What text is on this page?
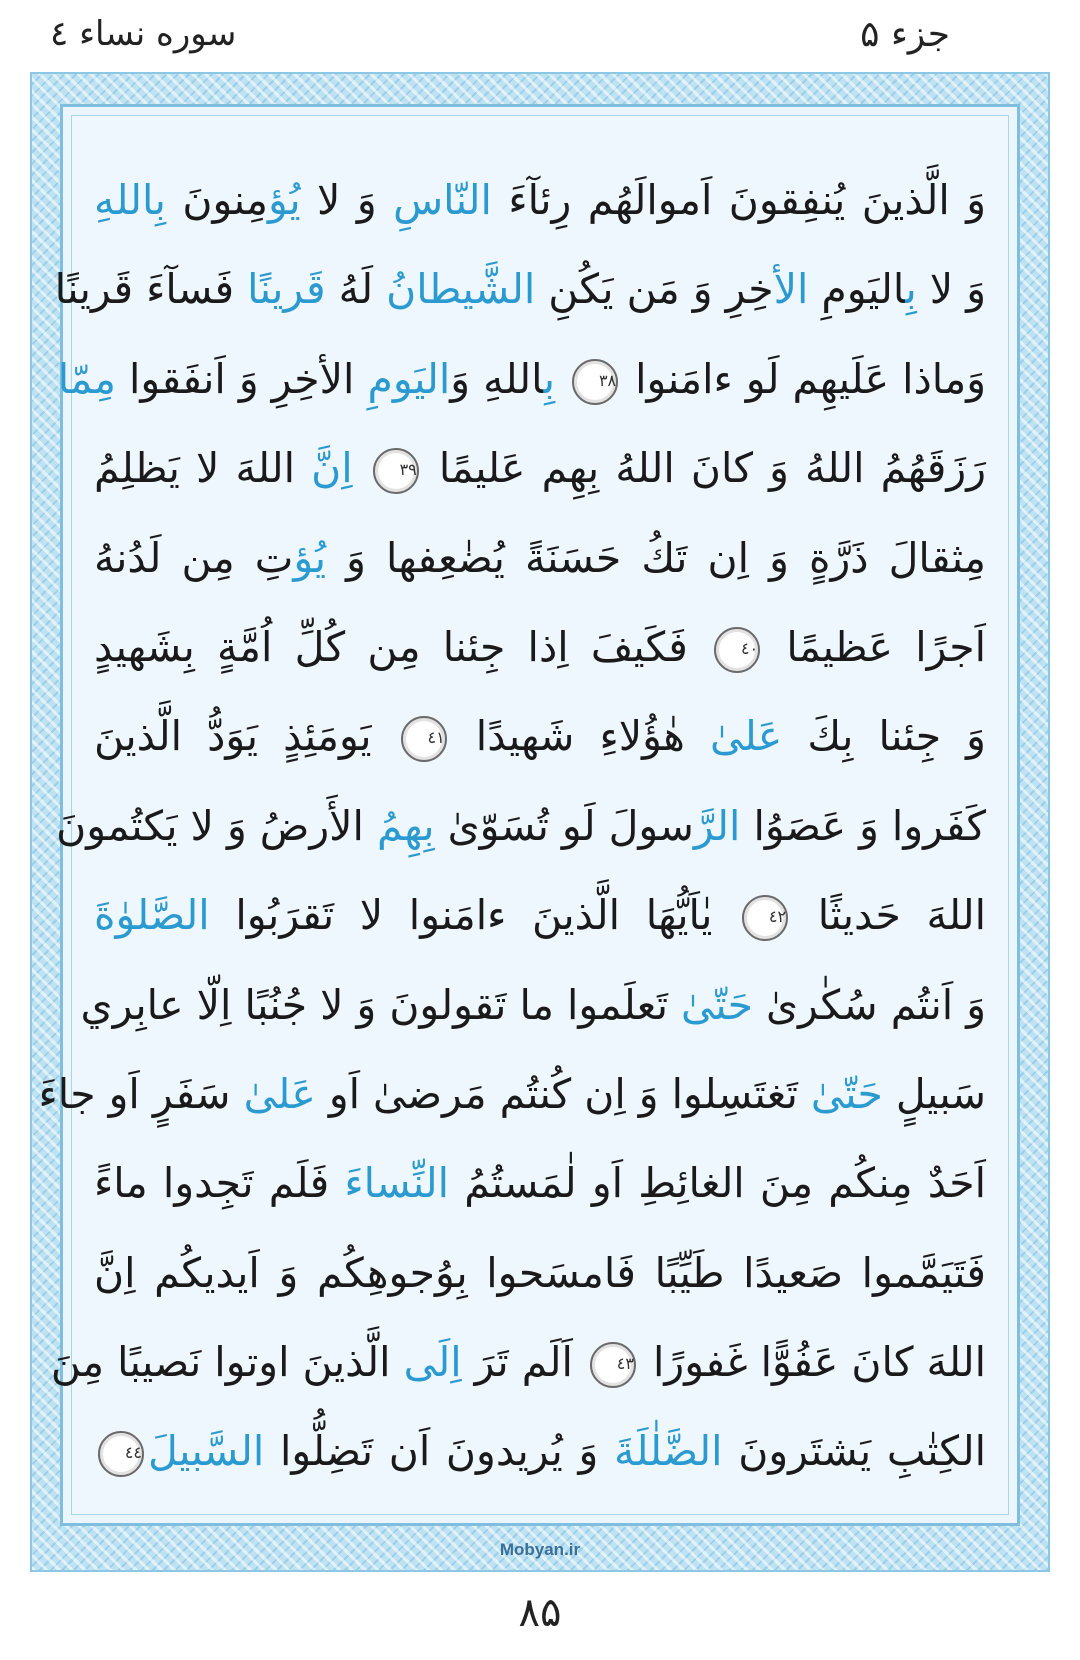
جزء ۵
سوره نساء ٤
وَ الَّذينَ يُنفِقونَ اَموالَهُم رِئآءَ النّاسِ وَ لا يُؤمِنونَ بِاللهِ
وَ لا بِاليَومِ الأخِرِ وَ مَن يَكُنِ الشَّيطانُ لَهُ قَرينًا فَسآءَ قَرينًا
وَماذا عَلَيهِم لَو ءامَنوا ۳۸ بِاللهِ وَاليَومِ الأخِرِ وَ اَنفَقوا مِمّا
رَزَقَهُمُ اللهُ وَ كانَ اللهُ بِهِم عَليمًا ۳۹ اِنَّ اللهَ لا يَظلِمُ
مِثقالَ ذَرَّةٍ وَ اِن تَكُ حَسَنَةً يُضٰعِفها وَ يُؤتِ مِن لَدُنهُ
اَجرًا عَظيمًا ٤۰ فَكَيفَ اِذا جِئنا مِن كُلِّ اُمَّةٍ بِشَهيدٍ
وَ جِئنا بِكَ عَلىٰ هٰؤُلاءِ شَهيدًا ٤۱ يَومَئِذٍ يَوَدُّ الَّذينَ
كَفَروا وَ عَصَوُا الرَّسولَ لَو تُسَوّىٰ بِهِمُ الأَرضُ وَ لا يَكتُمونَ
اللهَ حَديثًا ٤۲ يٰاَيُّهَا الَّذينَ ءامَنوا لا تَقرَبُوا الصَّلوٰةَ
وَ اَنتُم سُكٰرىٰ حَتّىٰ تَعلَموا ما تَقولونَ وَ لا جُنُبًا اِلّا عابِري
سَبيلٍ حَتّىٰ تَغتَسِلوا وَ اِن كُنتُم مَرضىٰ اَو عَلىٰ سَفَرٍ اَو جاءَ
اَحَدٌ مِنكُم مِنَ الغائِطِ اَو لٰمَستُمُ النِّساءَ فَلَم تَجِدوا ماءً
فَتَيَمَّموا صَعيدًا طَيِّبًا فَامسَحوا بِوُجوهِكُم وَ اَيديكُم اِنَّ
اللهَ كانَ عَفُوًّا غَفورًا ٤۳ اَلَم تَرَ اِلَى الَّذينَ اوتوا نَصيبًا مِنَ
الكِتٰبِ يَشتَرونَ الضَّلٰلَةَ وَ يُريدونَ اَن تَضِلُّوا السَّبيلَ٤٤
Mobyan.ir
۸۵
